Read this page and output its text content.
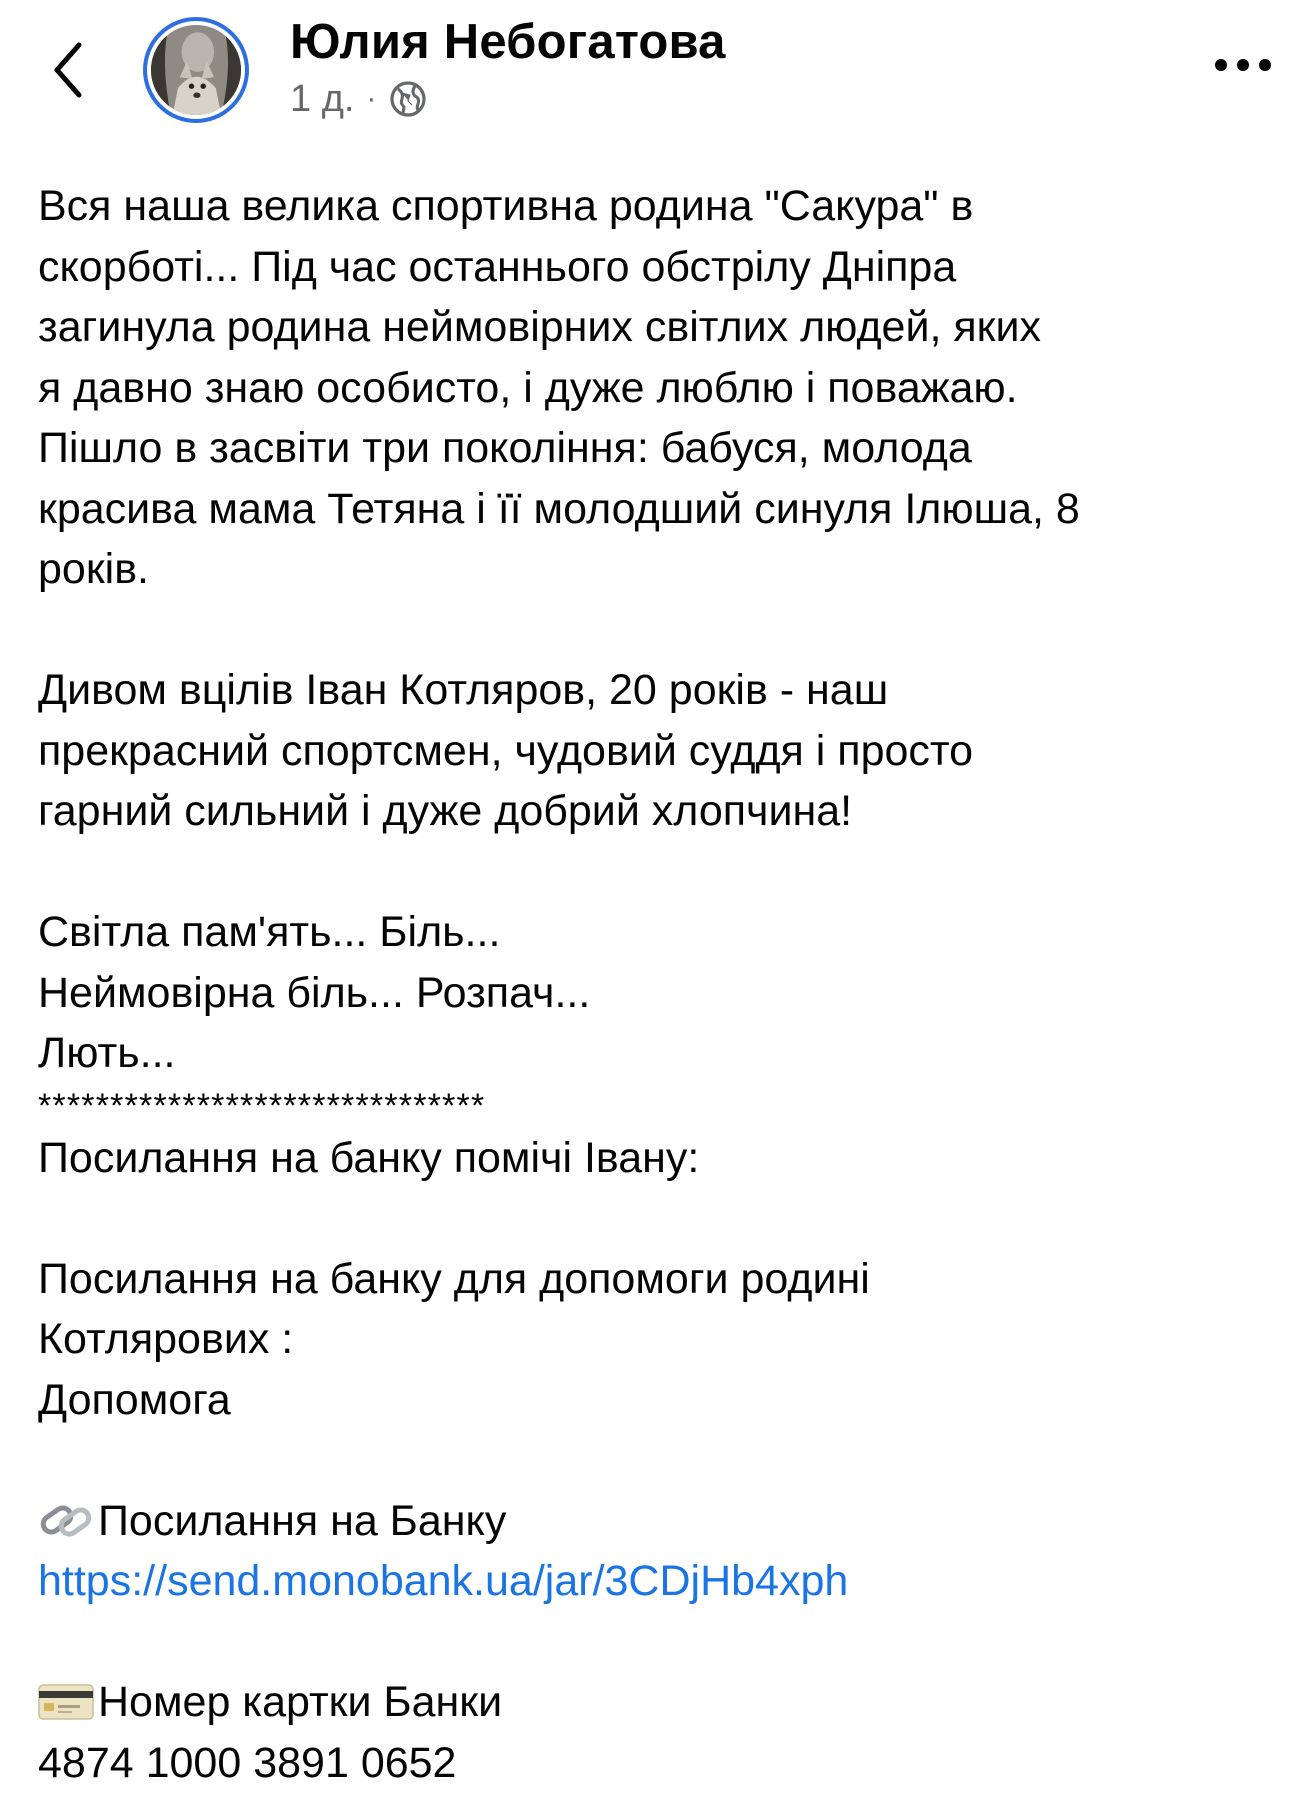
Юлия Небогатова
1 д. ·
Вся наша велика спортивна родина "Сакура" в
скорботі... Під час останнього обстрілу Дніпра
загинула родина неймовірних світлих людей, яких
я давно знаю особисто, і дуже люблю і поважаю.
Пішло в засвіти три покоління: бабуся, молода
красива мама Тетяна і її молодший синуля Ілюша, 8
років.
Дивом вцілів Іван Котляров, 20 років - наш
прекрасний спортсмен, чудовий суддя і просто
гарний сильний і дуже добрий хлопчина!
Світла пам'ять... Біль...
Неймовірна біль... Розпач...
Лють...
*******************************
Посилання на банку помічі Івану:
Посилання на банку для допомоги родині
Котлярових :
Допомога
Посилання на Банку
https://send.monobank.ua/jar/3CDjHb4xph
Номер картки Банки
4874 1000 3891 0652
